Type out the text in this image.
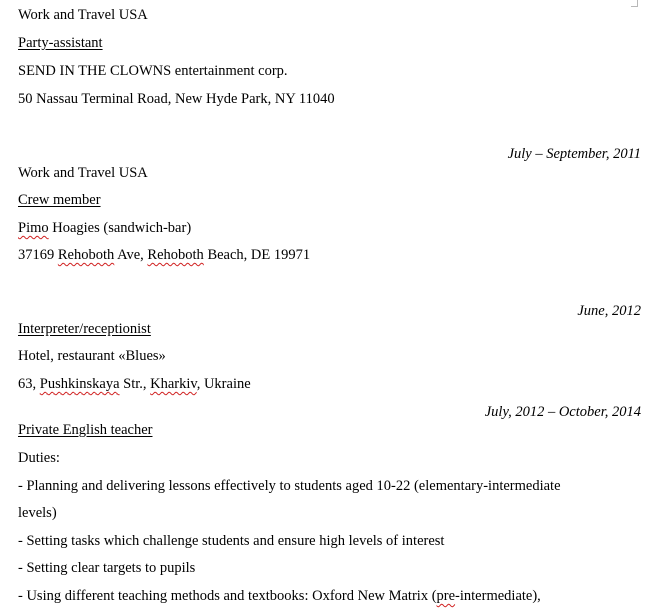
Work and Travel USA
Party-assistant
SEND IN THE CLOWNS entertainment corp.
50 Nassau Terminal Road, New Hyde Park, NY 11040
July – September, 2011
Work and Travel USA
Crew member
Pimo Hoagies (sandwich-bar)
37169 Rehoboth Ave, Rehoboth Beach, DE 19971
June, 2012
Interpreter/receptionist
Hotel, restaurant «Blues»
63, Pushkinskaya Str., Kharkiv, Ukraine
July, 2012 – October, 2014
Private English teacher
Duties:
- Planning and delivering lessons effectively to students aged 10-22 (elementary-intermediate
levels)
- Setting tasks which challenge students and ensure high levels of interest
- Setting clear targets to pupils
- Using different teaching methods and textbooks: Oxford New Matrix (pre-intermediate),
